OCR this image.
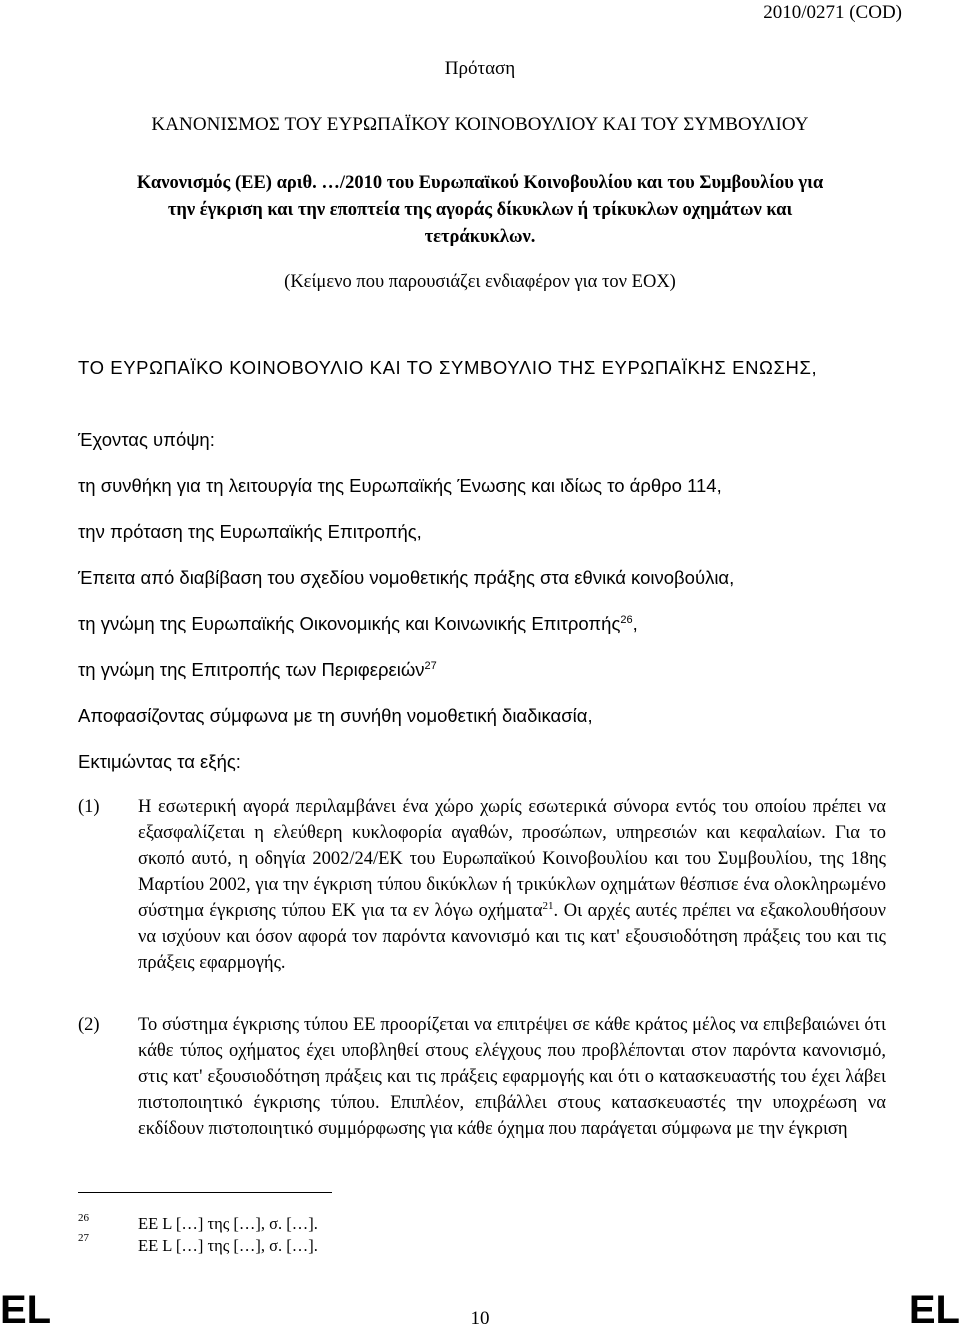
2010/0271 (COD)
Πρόταση
ΚΑΝΟΝΙΣΜΟΣ ΤΟΥ ΕΥΡΩΠΑΪΚΟΥ ΚΟΙΝΟΒΟΥΛΙΟΥ ΚΑΙ ΤΟΥ ΣΥΜΒΟΥΛΙΟΥ
Κανονισμός (ΕΕ) αριθ. …/2010 του Ευρωπαϊκού Κοινοβουλίου και του Συμβουλίου για
την έγκριση και την εποπτεία της αγοράς δίκυκλων ή τρίκυκλων οχημάτων και
τετράκυκλων.
(Κείμενο που παρουσιάζει ενδιαφέρον για τον ΕΟΧ)
ΤΟ ΕΥΡΩΠΑΪΚΟ ΚΟΙΝΟΒΟΥΛΙΟ ΚΑΙ ΤΟ ΣΥΜΒΟΥΛΙΟ ΤΗΣ ΕΥΡΩΠΑΪΚΗΣ ΕΝΩΣΗΣ,
Έχοντας υπόψη:
τη συνθήκη για τη λειτουργία της Ευρωπαϊκής Ένωσης και ιδίως το άρθρο 114,
την πρόταση της Ευρωπαϊκής Επιτροπής,
Έπειτα από διαβίβαση του σχεδίου νομοθετικής πράξης στα εθνικά κοινοβούλια,
τη γνώμη της Ευρωπαϊκής Οικονομικής και Κοινωνικής Επιτροπής$^{26}$,
τη γνώμη της Επιτροπής των Περιφερειών$^{27}$
Αποφασίζοντας σύμφωνα με τη συνήθη νομοθετική διαδικασία,
Εκτιμώντας τα εξής:
(1) Η εσωτερική αγορά περιλαμβάνει ένα χώρο χωρίς εσωτερικά σύνορα εντός του οποίου πρέπει να εξασφαλίζεται η ελεύθερη κυκλοφορία αγαθών, προσώπων, υπηρεσιών και κεφαλαίων. Για το σκοπό αυτό, η οδηγία 2002/24/ΕΚ του Ευρωπαϊκού Κοινοβουλίου και του Συμβουλίου, της 18ης Μαρτίου 2002, για την έγκριση τύπου δικύκλων ή τρικύκλων οχημάτων θέσπισε ένα ολοκληρωμένο σύστημα έγκρισης τύπου ΕΚ για τα εν λόγω οχήματα$^{21}$. Οι αρχές αυτές πρέπει να εξακολουθήσουν να ισχύουν και όσον αφορά τον παρόντα κανονισμό και τις κατ' εξουσιοδότηση πράξεις του και τις πράξεις εφαρμογής.
(2) Το σύστημα έγκρισης τύπου ΕΕ προορίζεται να επιτρέψει σε κάθε κράτος μέλος να επιβεβαιώνει ότι κάθε τύπος οχήματος έχει υποβληθεί στους ελέγχους που προβλέπονται στον παρόντα κανονισμό, στις κατ' εξουσιοδότηση πράξεις και τις πράξεις εφαρμογής και ότι ο κατασκευαστής του έχει λάβει πιστοποιητικό έγκρισης τύπου. Επιπλέον, επιβάλλει στους κατασκευαστές την υποχρέωση να εκδίδουν πιστοποιητικό συμμόρφωσης για κάθε όχημα που παράγεται σύμφωνα με την έγκριση
26	ΕΕ L […] της […], σ. […].
27	ΕΕ L […] της […], σ. […].
EL	10	EL
